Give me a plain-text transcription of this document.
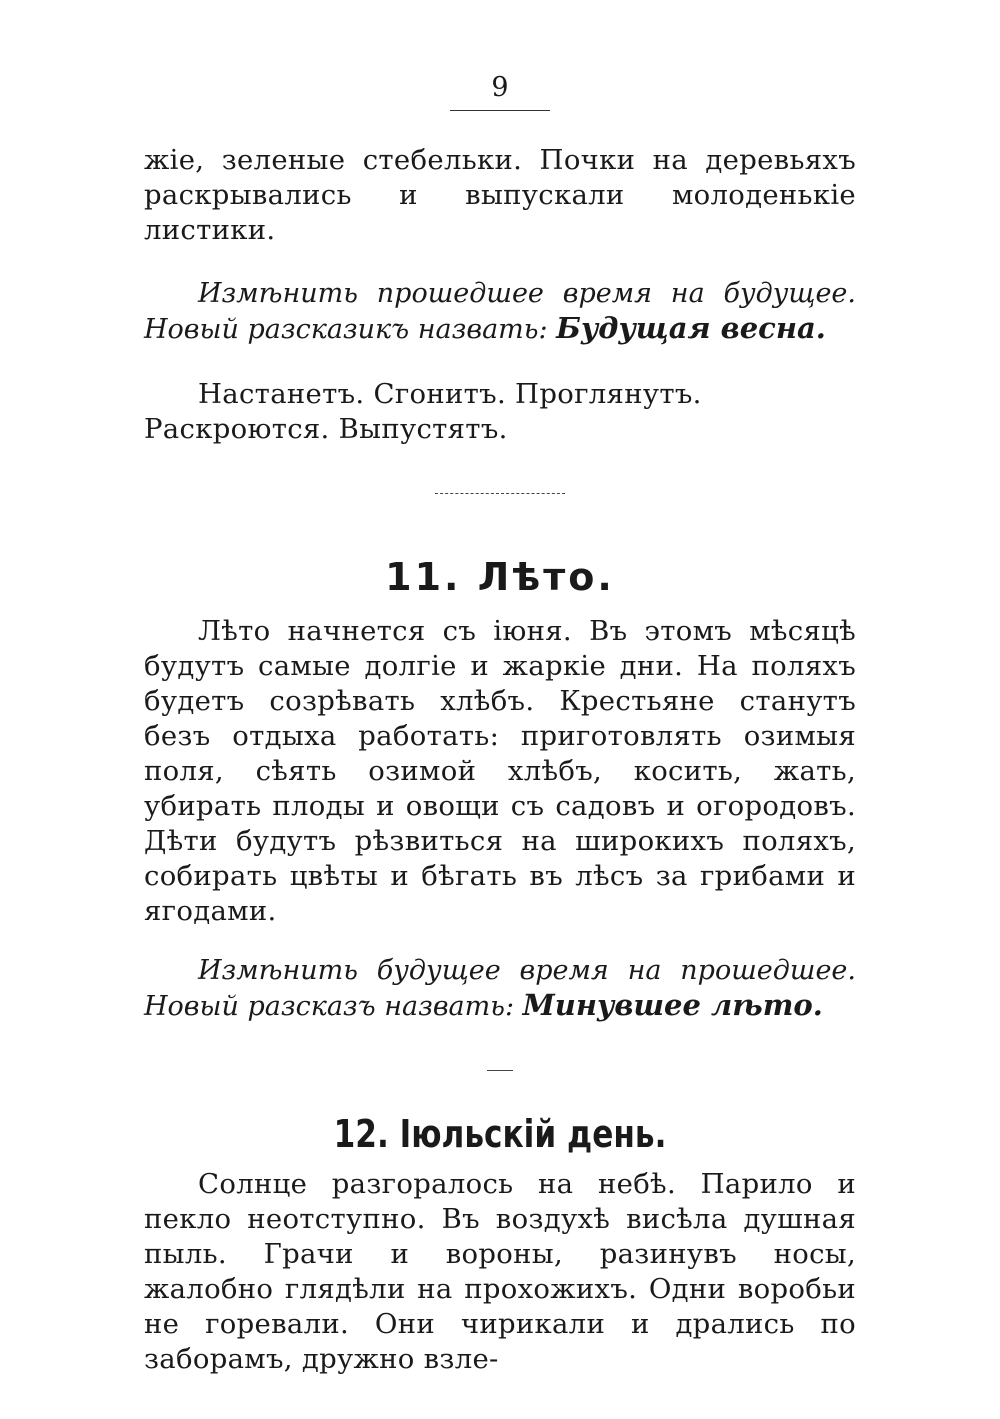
9

жіе, зеленые стебельки. Почки на деревьяхъ раскрывались и выпускали молоденькіе листики.

Измѣнить прошедшее время на будущее. Новый разсказикъ назвать: Будущая весна.

Настанетъ. Сгонитъ. Проглянутъ. Раскроются. Выпустятъ.

11. Лѣто.

Лѣто начнется съ іюня. Въ этомъ мѣсяцѣ будутъ самые долгіе и жаркіе дни. На поляхъ будетъ созрѣвать хлѣбъ. Крестьяне станутъ безъ отдыха работать: приготовлять озимыя поля, сѣять озимой хлѣбъ, косить, жать, убирать плоды и овощи съ садовъ и огородовъ. Дѣти будутъ рѣзвиться на широкихъ поляхъ, собирать цвѣты и бѣгать въ лѣсъ за грибами и ягодами.

Измѣнить будущее время на прошедшее. Новый разсказъ назвать: Минувшее лѣто.

12. Іюльскій день.

Солнце разгоралось на небѣ. Парило и пекло неотступно. Въ воздухѣ висѣла душная пыль. Грачи и вороны, разинувъ носы, жалобно глядѣли на прохожихъ. Одни воробьи не горевали. Они чирикали и дрались по заборамъ, дружно взле-
